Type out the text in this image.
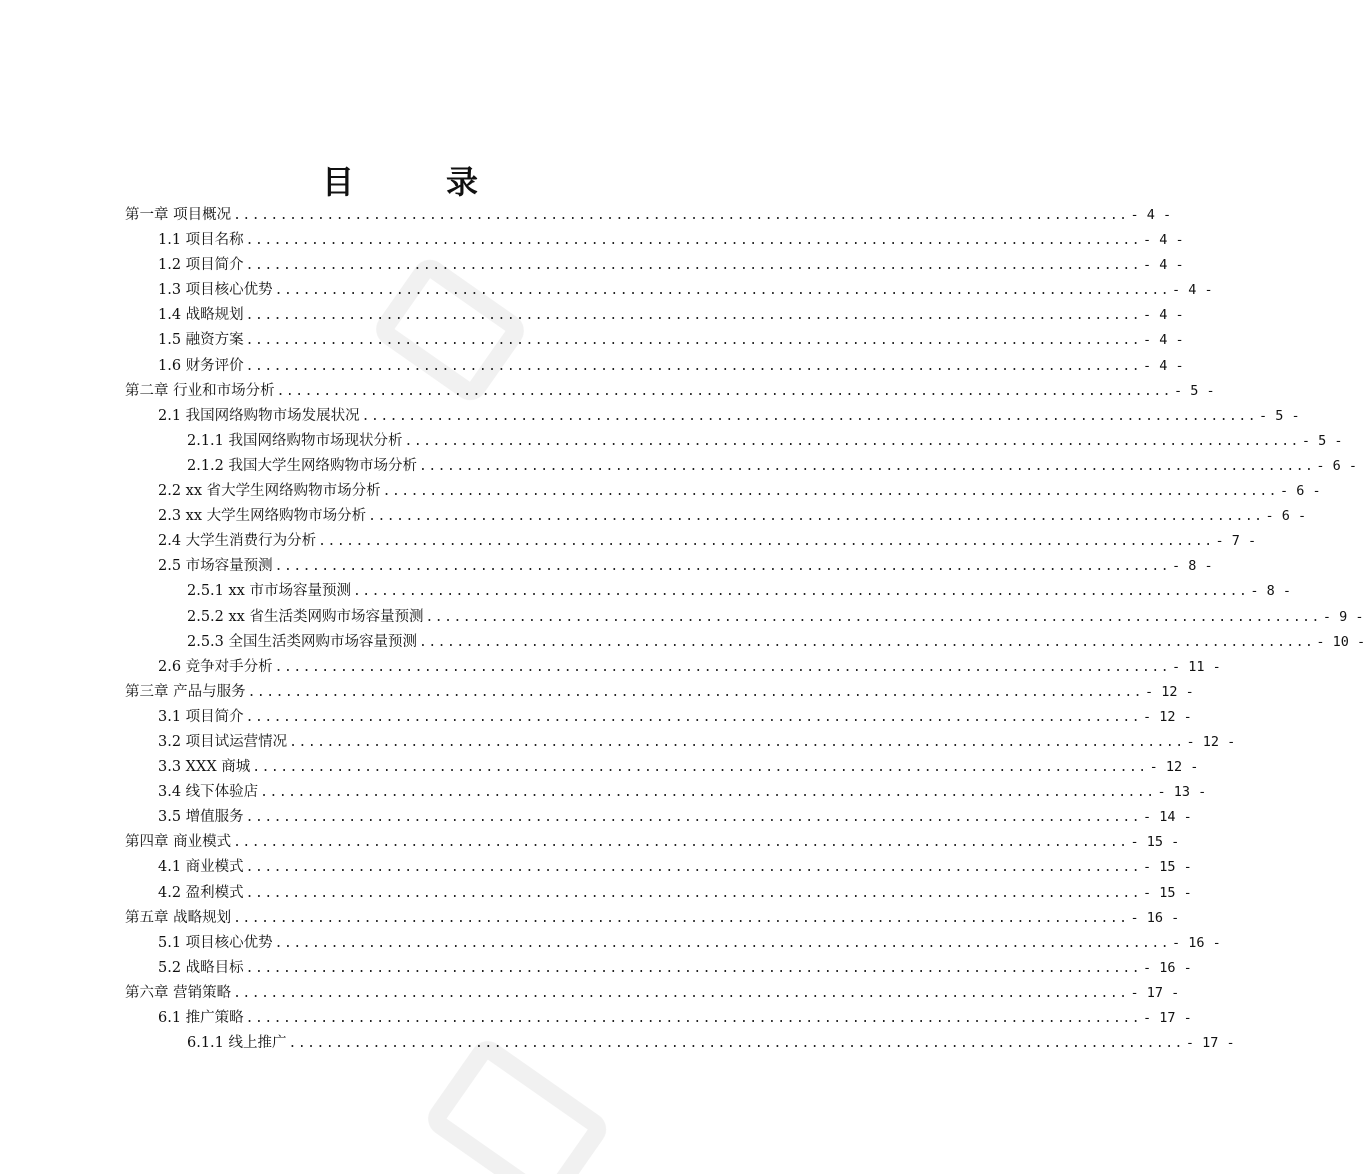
目　录
第一章 项目概况 ................................................................................................ - 4 -
1.1 项目名称 ................................................................................................ - 4 -
1.2 项目简介 ................................................................................................ - 4 -
1.3 项目核心优势 ................................................................................................ - 4 -
1.4 战略规划 ................................................................................................ - 4 -
1.5 融资方案 ................................................................................................ - 4 -
1.6 财务评价 ................................................................................................ - 4 -
第二章 行业和市场分析 ................................................................................................ - 5 -
2.1 我国网络购物市场发展状况 ................................................................................................ - 5 -
2.1.1 我国网络购物市场现状分析 ................................................................................................ - 5 -
2.1.2 我国大学生网络购物市场分析 ................................................................................................ - 6 -
2.2 xx 省大学生网络购物市场分析 ................................................................................................ - 6 -
2.3 xx 大学生网络购物市场分析 ................................................................................................ - 6 -
2.4 大学生消费行为分析 ................................................................................................ - 7 -
2.5 市场容量预测 ................................................................................................ - 8 -
2.5.1 xx 市市场容量预测 ................................................................................................ - 8 -
2.5.2 xx 省生活类网购市场容量预测 ................................................................................................ - 9 -
2.5.3 全国生活类网购市场容量预测 ................................................................................................ - 10 -
2.6 竞争对手分析 ................................................................................................ - 11 -
第三章 产品与服务 ................................................................................................ - 12 -
3.1 项目简介 ................................................................................................ - 12 -
3.2 项目试运营情况 ................................................................................................ - 12 -
3.3 XXX 商城 ................................................................................................ - 12 -
3.4 线下体验店 ................................................................................................ - 13 -
3.5 增值服务 ................................................................................................ - 14 -
第四章 商业模式 ................................................................................................ - 15 -
4.1 商业模式 ................................................................................................ - 15 -
4.2 盈利模式 ................................................................................................ - 15 -
第五章 战略规划 ................................................................................................ - 16 -
5.1 项目核心优势 ................................................................................................ - 16 -
5.2 战略目标 ................................................................................................ - 16 -
第六章 营销策略 ................................................................................................ - 17 -
6.1 推广策略 ................................................................................................ - 17 -
6.1.1 线上推广 ................................................................................................ - 17 -
